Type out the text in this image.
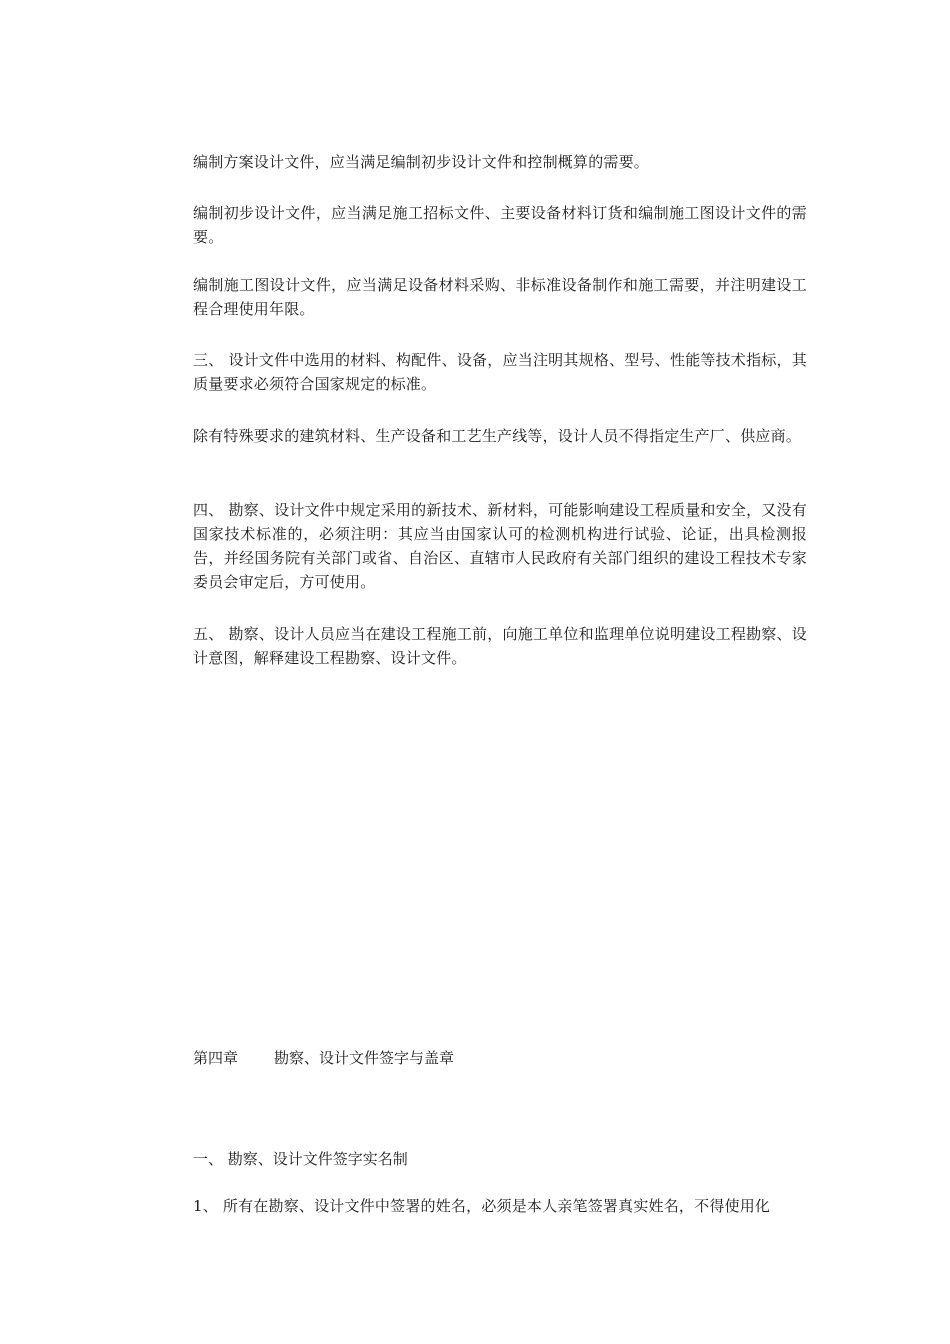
编制方案设计文件，应当满足编制初步设计文件和控制概算的需要。

编制初步设计文件，应当满足施工招标文件、主要设备材料订货和编制施工图设计文件的需要。

编制施工图设计文件，应当满足设备材料采购、非标准设备制作和施工需要，并注明建设工程合理使用年限。

三、 设计文件中选用的材料、构配件、设备，应当注明其规格、型号、性能等技术指标，其质量要求必须符合国家规定的标准。

除有特殊要求的建筑材料、生产设备和工艺生产线等，设计人员不得指定生产厂、供应商。

四、 勘察、设计文件中规定采用的新技术、新材料，可能影响建设工程质量和安全，又没有国家技术标准的，必须注明：其应当由国家认可的检测机构进行试验、论证，出具检测报告，并经国务院有关部门或省、自治区、直辖市人民政府有关部门组织的建设工程技术专家委员会审定后，方可使用。

五、 勘察、设计人员应当在建设工程施工前，向施工单位和监理单位说明建设工程勘察、设计意图，解释建设工程勘察、设计文件。

第四章 勘察、设计文件签字与盖章
一、 勘察、设计文件签字实名制

1、 所有在勘察、设计文件中签署的姓名，必须是本人亲笔签署真实姓名，不得使用化
